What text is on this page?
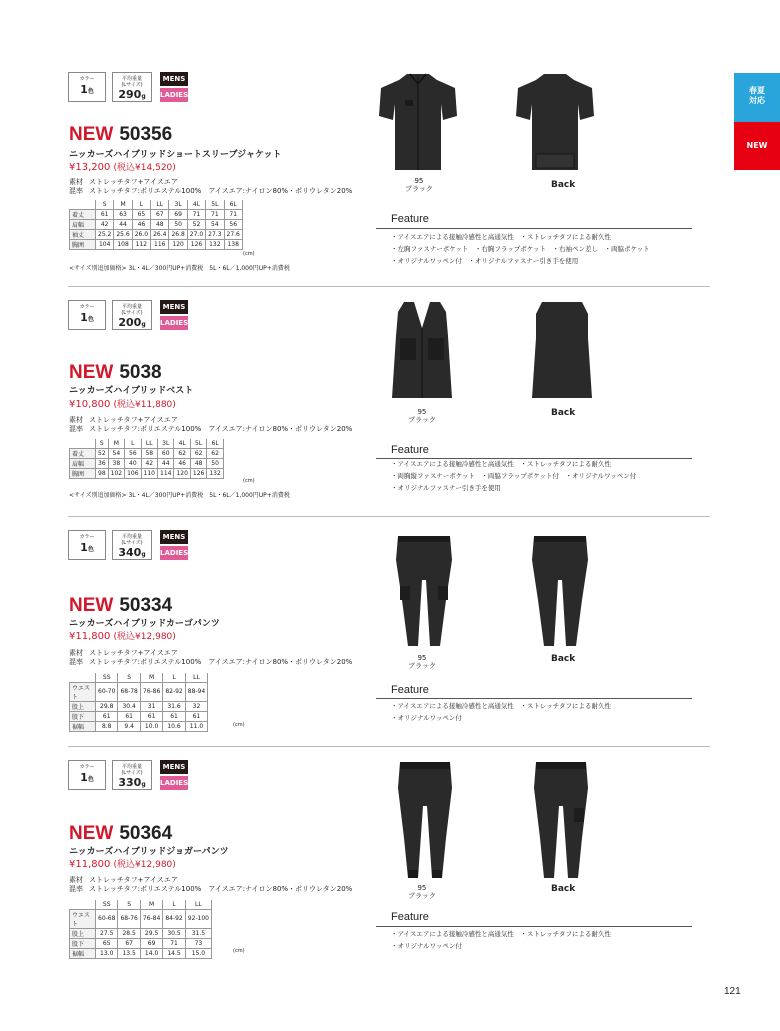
春夏
対応
NEW
カラー
1色
平均重量
(Lサイズ)
290g
MENS
LADIES
NEW 50356
ニッカーズハイブリッドショートスリーブジャケット
¥13,200 (税込¥14,520)
素材 ストレッチタフ+アイスエア
混率 ストレッチタフ:ポリエステル100%　アイスエア:ナイロン80%・ポリウレタン20%
	S	M	L	LL	3L	4L	5L	6L
着丈	61	63	65	67	69	71	71	71
肩幅	42	44	46	48	50	52	54	56
袖丈	25.2	25.6	26.0	26.4	26.8	27.0	27.3	27.6
胸囲	104	108	112	116	120	126	132	138
(cm)
<サイズ別追加価格> 3L・4L／300円UP+消費税　5L・6L／1,000円UP+消費税
95
ブラック	Back
Feature
・アイスエアによる接触冷感性と高通気性　・ストレッチタフによる耐久性
・左胸ファスナーポケット　・右胸フラップポケット　・右袖ペン差し　・両脇ポケット
・オリジナルワッペン付　・オリジナルファスナー引き手を使用
カラー
1色
平均重量
(Lサイズ)
200g
MENS
LADIES
NEW 5038
ニッカーズハイブリッドベスト
¥10,800 (税込¥11,880)
素材 ストレッチタフ+アイスエア
混率 ストレッチタフ:ポリエステル100%　アイスエア:ナイロン80%・ポリウレタン20%
	S	M	L	LL	3L	4L	5L	6L
着丈	52	54	56	58	60	62	62	62
肩幅	36	38	40	42	44	46	48	50
胸囲	98	102	106	110	114	120	126	132
(cm)
<サイズ別追加価格> 3L・4L／300円UP+消費税　5L・6L／1,000円UP+消費税
95
ブラック
Back
Feature
・アイスエアによる接触冷感性と高通気性　・ストレッチタフによる耐久性
・両胸縦ファスナーポケット　・両脇フラップポケット付　・オリジナルワッペン付
・オリジナルファスナー引き手を使用
カラー
1色
平均重量
(Lサイズ)
340g
MENS
LADIES
NEW 50334
ニッカーズハイブリッドカーゴパンツ
¥11,800 (税込¥12,980)
素材 ストレッチタフ+アイスエア
混率 ストレッチタフ:ポリエステル100%　アイスエア:ナイロン80%・ポリウレタン20%
	SS	S	M	L	LL
ウエスト	60-70	68-78	76-86	82-92	88-94
股上	29.8	30.4	31	31.6	32
股下	61	61	61	61	61
裾幅	8.8	9.4	10.0	10.6	11.0	(cm)
95
ブラック
Back
Feature
・アイスエアによる接触冷感性と高通気性　・ストレッチタフによる耐久性
・オリジナルワッペン付
カラー
1色
平均重量
(Lサイズ)
330g
MENS
LADIES
NEW 50364
ニッカーズハイブリッドジョガーパンツ
¥11,800 (税込¥12,980)
素材 ストレッチタフ+アイスエア
混率 ストレッチタフ:ポリエステル100%　アイスエア:ナイロン80%・ポリウレタン20%
	SS	S	M	L	LL
ウエスト	60-68	68-76	76-84	84-92	92-100
股上	27.5	28.5	29.5	30.5	31.5
股下	65	67	69	71	73
裾幅	13.0	13.5	14.0	14.5	15.0	(cm)
95
ブラック
Back
Feature
・アイスエアによる接触冷感性と高通気性　・ストレッチタフによる耐久性
・オリジナルワッペン付
121
